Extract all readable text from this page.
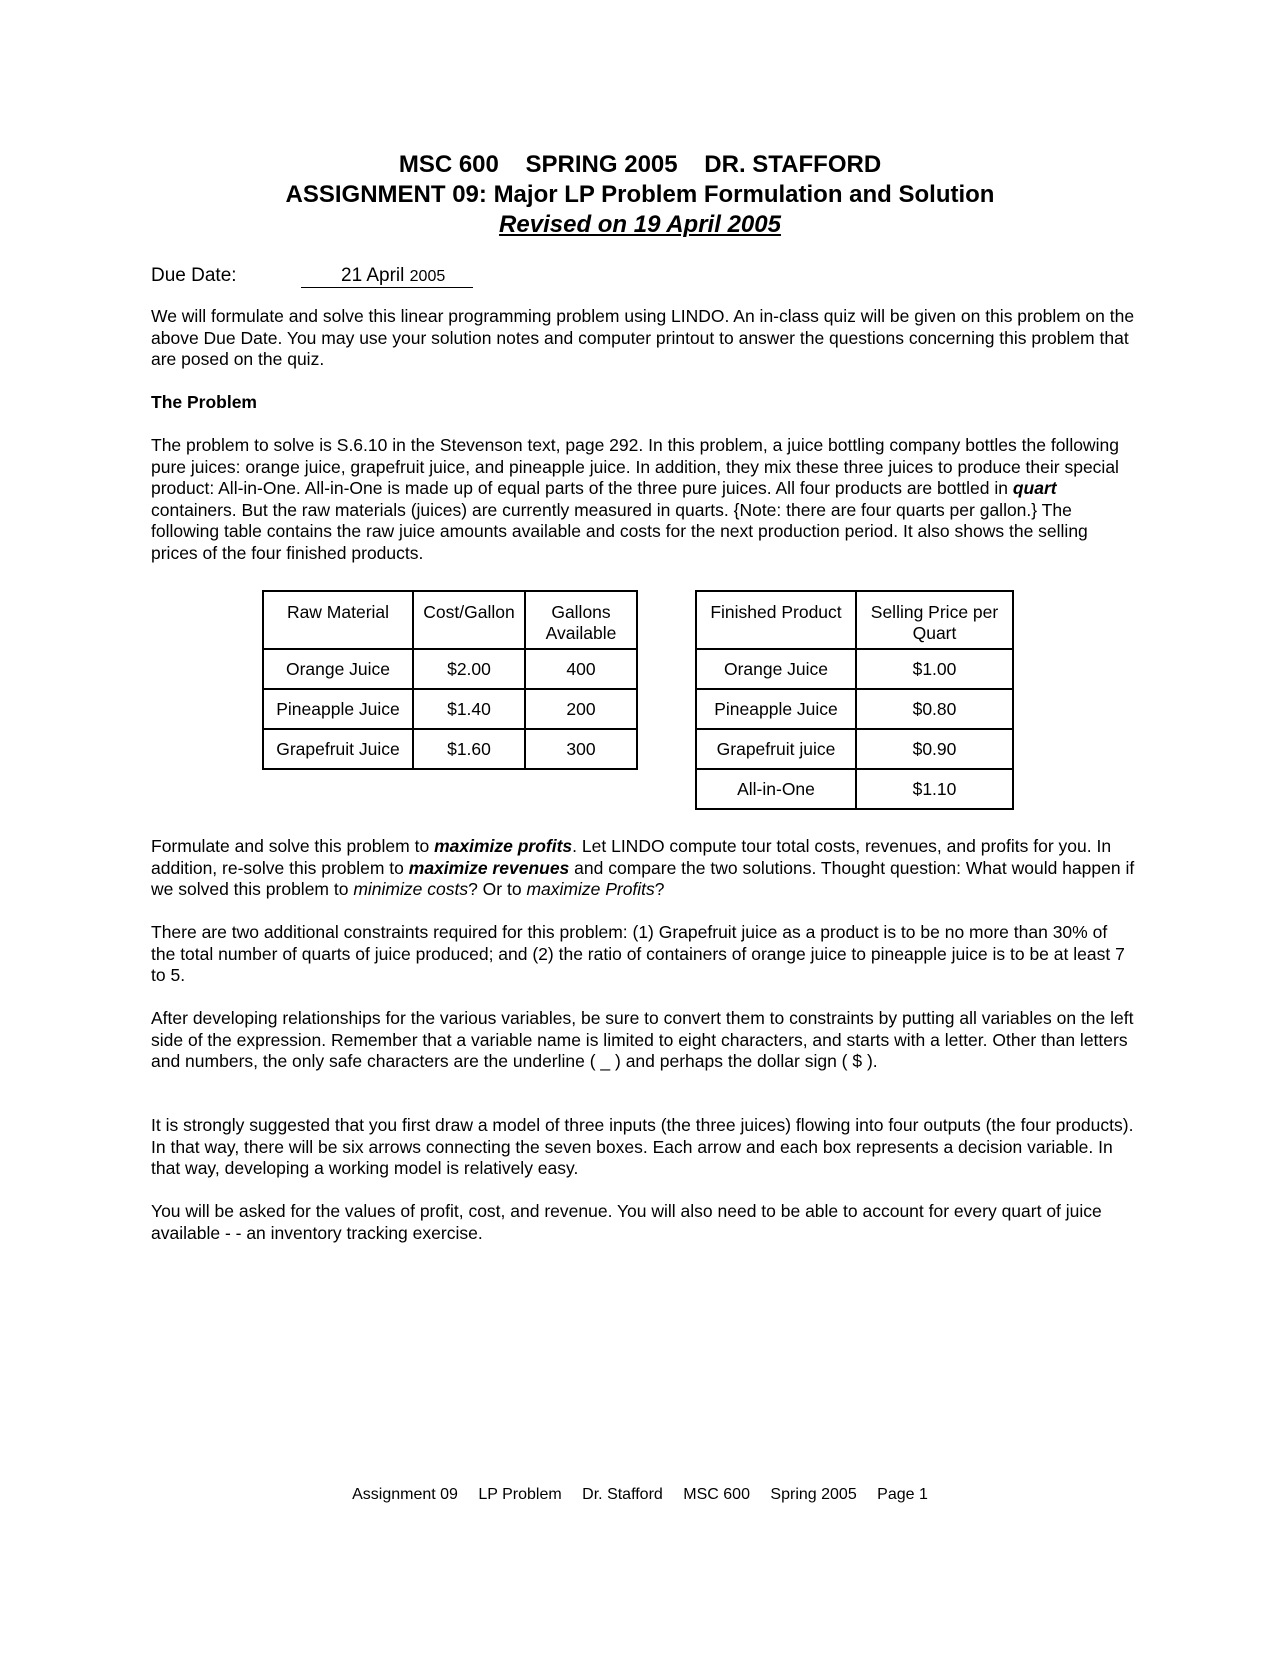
MSC 600    SPRING 2005    DR. STAFFORD
ASSIGNMENT 09: Major LP Problem Formulation and Solution
Revised on 19 April 2005
Due Date:	21 April 2005

We will formulate and solve this linear programming problem using LINDO. An in-class quiz will be given on this problem on the above Due Date. You may use your solution notes and computer printout to answer the questions concerning this problem that are posed on the quiz.

The Problem

The problem to solve is S.6.10 in the Stevenson text, page 292. In this problem, a juice bottling company bottles the following pure juices: orange juice, grapefruit juice, and pineapple juice. In addition, they mix these three juices to produce their special product: All-in-One. All-in-One is made up of equal parts of the three pure juices. All four products are bottled in quart containers. But the raw materials (juices) are currently measured in quarts. {Note: there are four quarts per gallon.} The following table contains the raw juice amounts available and costs for the next production period. It also shows the selling prices of the four finished products.

Raw Material	Cost/Gallon	Gallons Available
Orange Juice	$2.00	400
Pineapple Juice	$1.40	200
Grapefruit Juice	$1.60	300
Finished Product	Selling Price per Quart
Orange Juice	$1.00
Pineapple Juice	$0.80
Grapefruit juice	$0.90
All-in-One	$1.10

Formulate and solve this problem to maximize profits. Let LINDO compute tour total costs, revenues, and profits for you. In addition, re-solve this problem to maximize revenues and compare the two solutions. Thought question: What would happen if we solved this problem to minimize costs? Or to maximize Profits?

There are two additional constraints required for this problem: (1) Grapefruit juice as a product is to be no more than 30% of the total number of quarts of juice produced; and (2) the ratio of containers of orange juice to pineapple juice is to be at least 7 to 5.

After developing relationships for the various variables, be sure to convert them to constraints by putting all variables on the left side of the expression. Remember that a variable name is limited to eight characters, and starts with a letter. Other than letters and numbers, the only safe characters are the underline ( _ ) and perhaps the dollar sign ( $ ).

It is strongly suggested that you first draw a model of three inputs (the three juices) flowing into four outputs (the four products). In that way, there will be six arrows connecting the seven boxes. Each arrow and each box represents a decision variable. In that way, developing a working model is relatively easy.

You will be asked for the values of profit, cost, and revenue. You will also need to be able to account for every quart of juice available - - an inventory tracking exercise.

Assignment 09 LP Problem Dr. Stafford MSC 600 Spring 2005 Page 1
